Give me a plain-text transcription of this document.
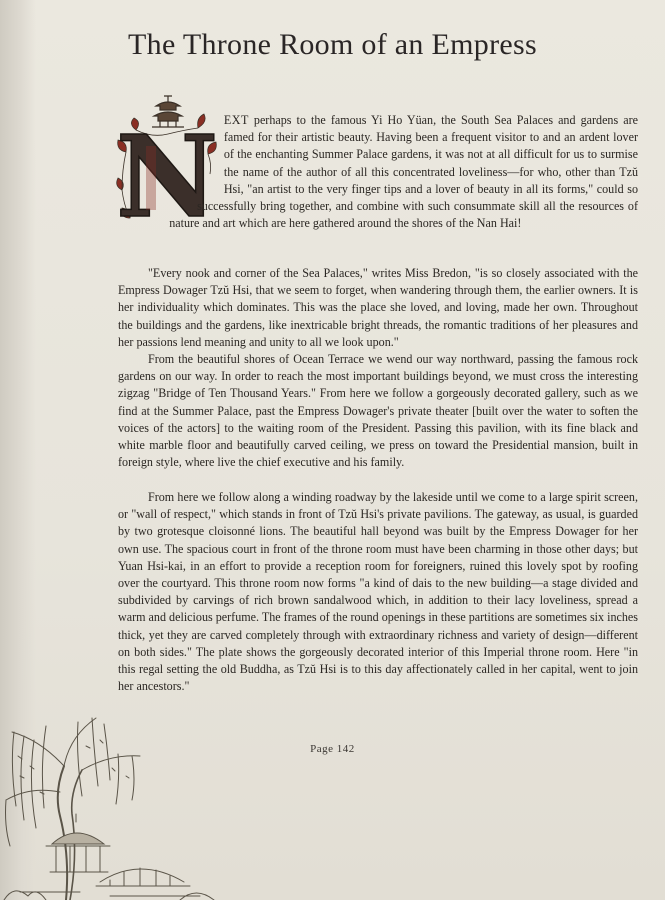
The Throne Room of an Empress
N EXT perhaps to the famous Yi Ho Yüan, the South Sea Palaces and gardens are famed for their artistic beauty. Having been a frequent visitor to and an ardent lover of the enchanting Summer Palace gardens, it was not at all difficult for us to surmise the name of the author of all this concentrated loveliness—for who, other than Tzŭ Hsi, "an artist to the very finger tips and a lover of beauty in all its forms," could so successfully bring together, and combine with such consummate skill all the resources of nature and art which are here gathered around the shores of the Nan Hai!

"Every nook and corner of the Sea Palaces," writes Miss Bredon, "is so closely associated with the Empress Dowager Tzŭ Hsi, that we seem to forget, when wandering through them, the earlier owners. It is her individuality which dominates. This was the place she loved, and loving, made her own. Throughout the buildings and the gardens, like inextricable bright threads, the romantic traditions of her pleasures and her passions lend meaning and unity to all we look upon."

From the beautiful shores of Ocean Terrace we wend our way northward, passing the famous rock gardens on our way. In order to reach the most important buildings beyond, we must cross the interesting zigzag "Bridge of Ten Thousand Years." From here we follow a gorgeously decorated gallery, such as we find at the Summer Palace, past the Empress Dowager's private theater [built over the water to soften the voices of the actors] to the waiting room of the President. Passing this pavilion, with its fine black and white marble floor and beautifully carved ceiling, we press on toward the Presidential mansion, built in foreign style, where live the chief executive and his family.

From here we follow along a winding roadway by the lakeside until we come to a large spirit screen, or "wall of respect," which stands in front of Tzŭ Hsi's private pavilions. The gateway, as usual, is guarded by two grotesque cloisonné lions. The beautiful hall beyond was built by the Empress Dowager for her own use. The spacious court in front of the throne room must have been charming in those other days; but Yuan Hsi-kai, in an effort to provide a reception room for foreigners, ruined this lovely spot by roofing over the courtyard. This throne room now forms "a kind of dais to the new building—a stage divided and subdivided by carvings of rich brown sandalwood which, in addition to their lacy loveliness, spread a warm and delicious perfume. The frames of the round openings in these partitions are sometimes six inches thick, yet they are carved completely through with extraordinary richness and variety of design—different on both sides." The plate shows the gorgeously decorated interior of this Imperial throne room. Here "in this regal setting the old Buddha, as Tzŭ Hsi is to this day affectionately called in her capital, went to join her ancestors."

Page 142
